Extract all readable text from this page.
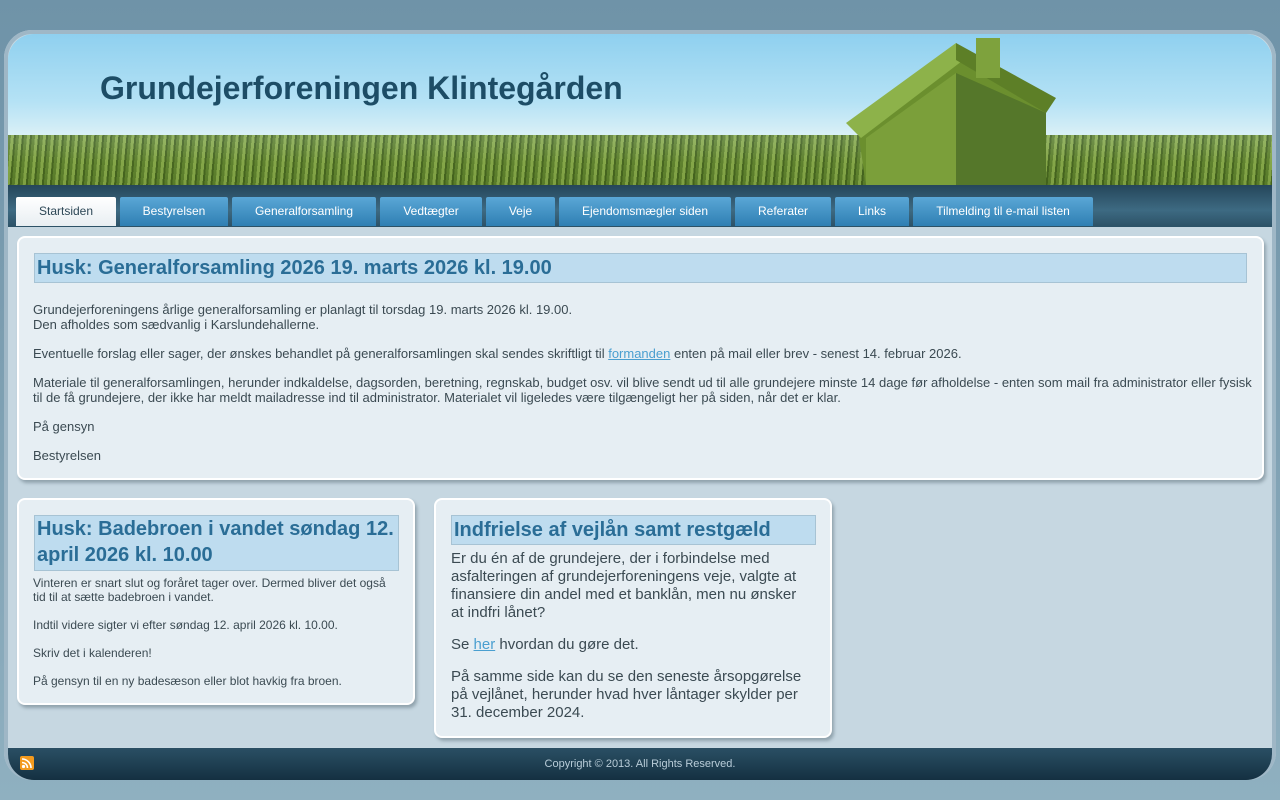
Grundejerforeningen Klintegården
Startsiden	Bestyrelsen	Generalforsamling	Vedtægter	Veje	Ejendomsmægler siden	Referater	Links	Tilmelding til e-mail listen
Husk: Generalforsamling 2026 19. marts 2026 kl. 19.00

Grundejerforeningens årlige generalforsamling er planlagt til torsdag 19. marts 2026 kl. 19.00.
Den afholdes som sædvanlig i Karslundehallerne.

Eventuelle forslag eller sager, der ønskes behandlet på generalforsamlingen skal sendes skriftligt til formanden enten på mail eller brev - senest 14. februar 2026.

Materiale til generalforsamlingen, herunder indkaldelse, dagsorden, beretning, regnskab, budget osv. vil blive sendt ud til alle grundejere minste 14 dage før afholdelse - enten som mail fra administrator eller fysisk til de få grundejere, der ikke har meldt mailadresse ind til administrator. Materialet vil ligeledes være tilgængeligt her på siden, når det er klar.

På gensyn

Bestyrelsen

Husk: Badebroen i vandet søndag 12. april 2026 kl. 10.00

Vinteren er snart slut og foråret tager over. Dermed bliver det også tid til at sætte badebroen i vandet.

Indtil videre sigter vi efter søndag 12. april 2026 kl. 10.00.

Skriv det i kalenderen!

På gensyn til en ny badesæson eller blot havkig fra broen.

Indfrielse af vejlån samt restgæld

Er du én af de grundejere, der i forbindelse med asfalteringen af grundejerforeningens veje, valgte at finansiere din andel med et banklån, men nu ønsker at indfri lånet?

Se her hvordan du gøre det.

På samme side kan du se den seneste årsopgørelse på vejlånet, herunder hvad hver låntager skylder per 31. december 2024.

Copyright © 2013. All Rights Reserved.
